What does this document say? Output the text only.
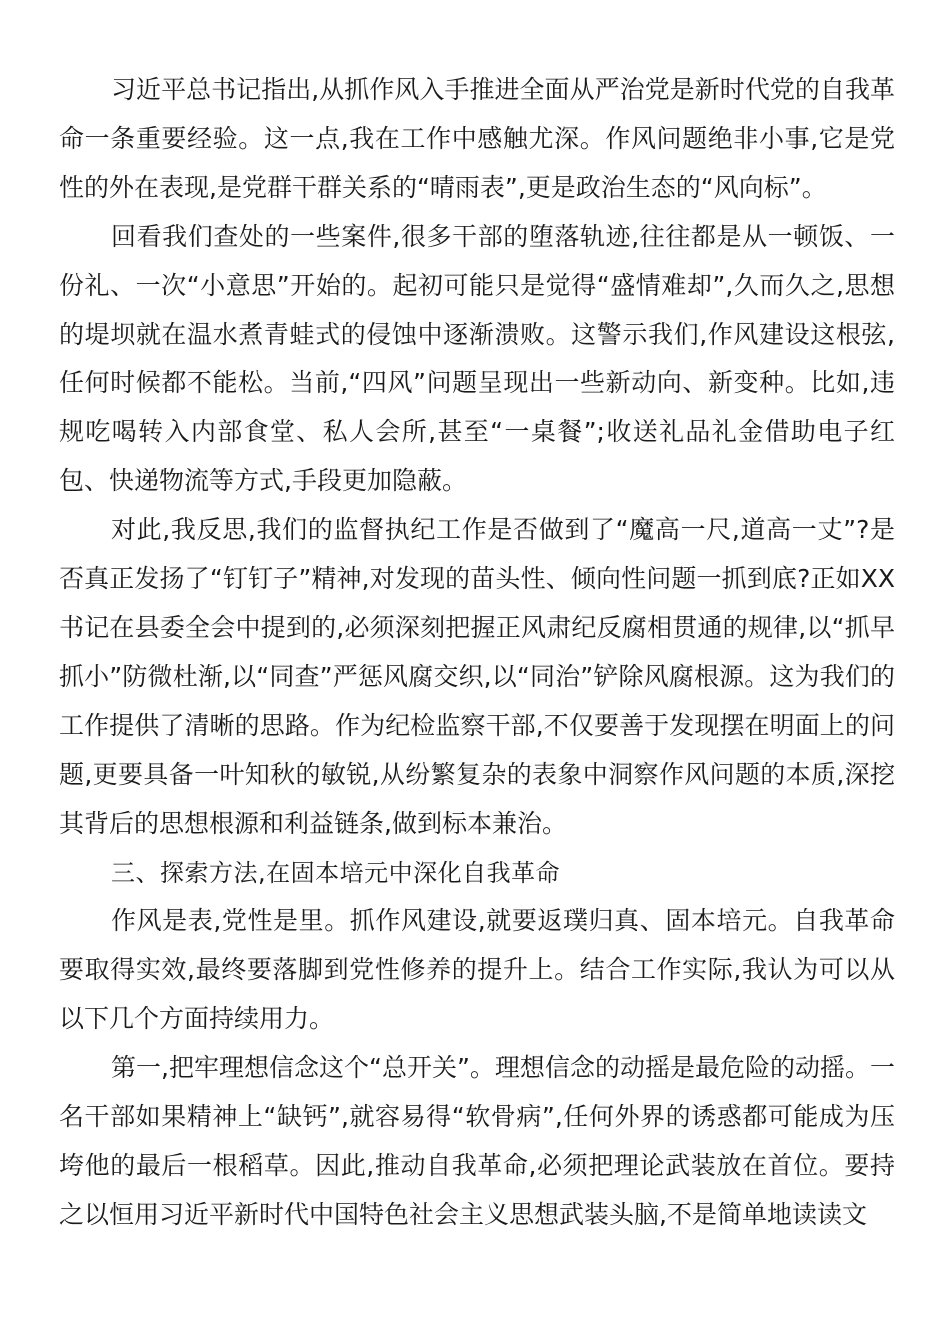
习近平总书记指出,从抓作风入手推进全面从严治党是新时代党的自我革命一条重要经验。这一点,我在工作中感触尤深。作风问题绝非小事,它是党性的外在表现,是党群干群关系的“晴雨表”,更是政治生态的“风向标”。

回看我们查处的一些案件,很多干部的堕落轨迹,往往都是从一顿饭、一份礼、一次“小意思”开始的。起初可能只是觉得“盛情难却”,久而久之,思想的堤坝就在温水煮青蛙式的侵蚀中逐渐溃败。这警示我们,作风建设这根弦,任何时候都不能松。当前,“四风”问题呈现出一些新动向、新变种。比如,违规吃喝转入内部食堂、私人会所,甚至“一桌餐”;收送礼品礼金借助电子红包、快递物流等方式,手段更加隐蔽。

对此,我反思,我们的监督执纪工作是否做到了“魔高一尺,道高一丈”?是否真正发扬了“钉钉子”精神,对发现的苗头性、倾向性问题一抓到底?正如XX书记在县委全会中提到的,必须深刻把握正风肃纪反腐相贯通的规律,以“抓早抓小”防微杜渐,以“同查”严惩风腐交织,以“同治”铲除风腐根源。这为我们的工作提供了清晰的思路。作为纪检监察干部,不仅要善于发现摆在明面上的问题,更要具备一叶知秋的敏锐,从纷繁复杂的表象中洞察作风问题的本质,深挖其背后的思想根源和利益链条,做到标本兼治。

三、探索方法,在固本培元中深化自我革命

作风是表,党性是里。抓作风建设,就要返璞归真、固本培元。自我革命要取得实效,最终要落脚到党性修养的提升上。结合工作实际,我认为可以从以下几个方面持续用力。

第一,把牢理想信念这个“总开关”。理想信念的动摇是最危险的动摇。一名干部如果精神上“缺钙”,就容易得“软骨病”,任何外界的诱惑都可能成为压垮他的最后一根稻草。因此,推动自我革命,必须把理论武装放在首位。要持之以恒用习近平新时代中国特色社会主义思想武装头脑,不是简单地读读文
